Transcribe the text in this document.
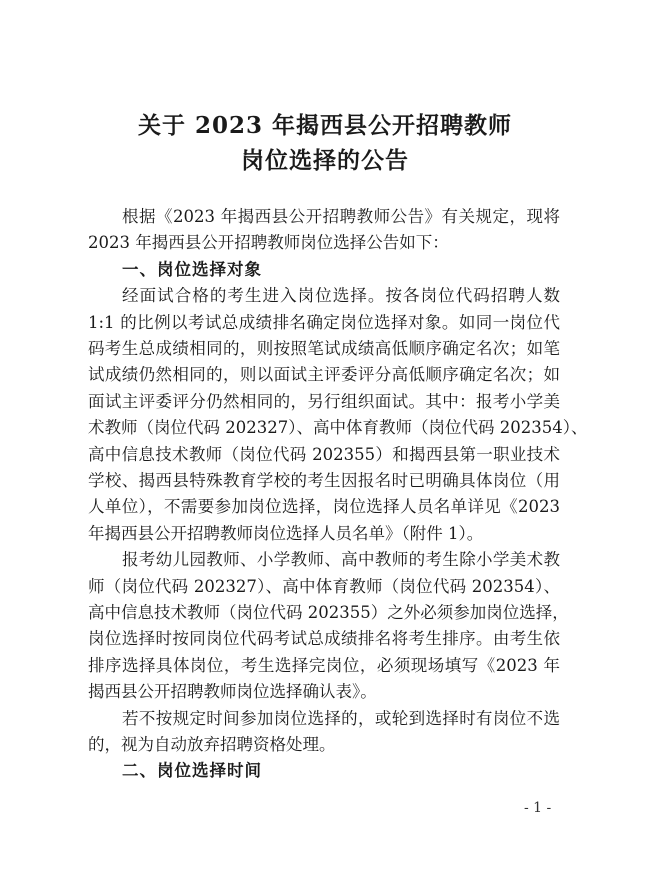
关于 2023 年揭西县公开招聘教师
岗位选择的公告
根据《2023 年揭西县公开招聘教师公告》有关规定，现将
2023 年揭西县公开招聘教师岗位选择公告如下：
一、岗位选择对象
经面试合格的考生进入岗位选择。按各岗位代码招聘人数
1:1 的比例以考试总成绩排名确定岗位选择对象。如同一岗位代
码考生总成绩相同的，则按照笔试成绩高低顺序确定名次；如笔
试成绩仍然相同的，则以面试主评委评分高低顺序确定名次；如
面试主评委评分仍然相同的，另行组织面试。其中：报考小学美
术教师（岗位代码 202327）、高中体育教师（岗位代码 202354）、
高中信息技术教师（岗位代码 202355）和揭西县第一职业技术
学校、揭西县特殊教育学校的考生因报名时已明确具体岗位（用
人单位），不需要参加岗位选择，岗位选择人员名单详见《2023
年揭西县公开招聘教师岗位选择人员名单》（附件 1）。
报考幼儿园教师、小学教师、高中教师的考生除小学美术教
师（岗位代码 202327）、高中体育教师（岗位代码 202354）、
高中信息技术教师（岗位代码 202355）之外必须参加岗位选择，
岗位选择时按同岗位代码考试总成绩排名将考生排序。由考生依
排序选择具体岗位，考生选择完岗位，必须现场填写《2023 年
揭西县公开招聘教师岗位选择确认表》。
若不按规定时间参加岗位选择的，或轮到选择时有岗位不选
的，视为自动放弃招聘资格处理。
二、岗位选择时间
- 1 -
